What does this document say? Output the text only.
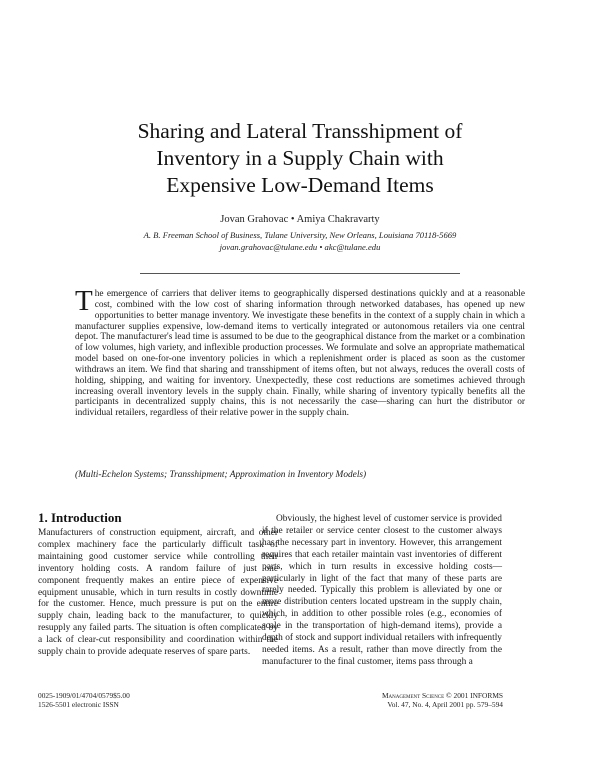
Sharing and Lateral Transshipment of
Inventory in a Supply Chain with
Expensive Low-Demand Items
Jovan Grahovac • Amiya Chakravarty
A. B. Freeman School of Business, Tulane University, New Orleans, Louisiana 70118-5669
jovan.grahovac@tulane.edu • akc@tulane.edu
The emergence of carriers that deliver items to geographically dispersed destinations quickly and at a reasonable cost, combined with the low cost of sharing information through networked databases, has opened up new opportunities to better manage inventory. We investigate these benefits in the context of a supply chain in which a manufacturer supplies expensive, low-demand items to vertically integrated or autonomous retailers via one central depot. The manufacturer's lead time is assumed to be due to the geographical distance from the market or a combination of low volumes, high variety, and inflexible production processes. We formulate and solve an appropriate mathematical model based on one-for-one inventory policies in which a replenishment order is placed as soon as the customer withdraws an item. We find that sharing and transshipment of items often, but not always, reduces the overall costs of holding, shipping, and waiting for inventory. Unexpectedly, these cost reductions are sometimes achieved through increasing overall inventory levels in the supply chain. Finally, while sharing of inventory typically benefits all the participants in decentralized supply chains, this is not necessarily the case—sharing can hurt the distributor or individual retailers, regardless of their relative power in the supply chain.
(Multi-Echelon Systems; Transshipment; Approximation in Inventory Models)
1. Introduction
Manufacturers of construction equipment, aircraft, and other complex machinery face the particularly difficult task of maintaining good customer service while controlling their inventory holding costs. A random failure of just one component frequently makes an entire piece of expensive equipment unusable, which in turn results in costly downtime for the customer. Hence, much pressure is put on the entire supply chain, leading back to the manufacturer, to quickly resupply any failed parts. The situation is often complicated by a lack of clear-cut responsibility and coordination within the supply chain to provide adequate reserves of spare parts.
Obviously, the highest level of customer service is provided if the retailer or service center closest to the customer always has the necessary part in inventory. However, this arrangement requires that each retailer maintain vast inventories of different parts, which in turn results in excessive holding costs—particularly in light of the fact that many of these parts are rarely needed. Typically this problem is alleviated by one or more distribution centers located upstream in the supply chain, which, in addition to other possible roles (e.g., economies of scale in the transportation of high-demand items), provide a depth of stock and support individual retailers with infrequently needed items. As a result, rather than move directly from the manufacturer to the final customer, items pass through a
0025-1909/01/4704/0579$5.00
1526-5501 electronic ISSN
Management Science © 2001 INFORMS
Vol. 47, No. 4, April 2001 pp. 579–594
